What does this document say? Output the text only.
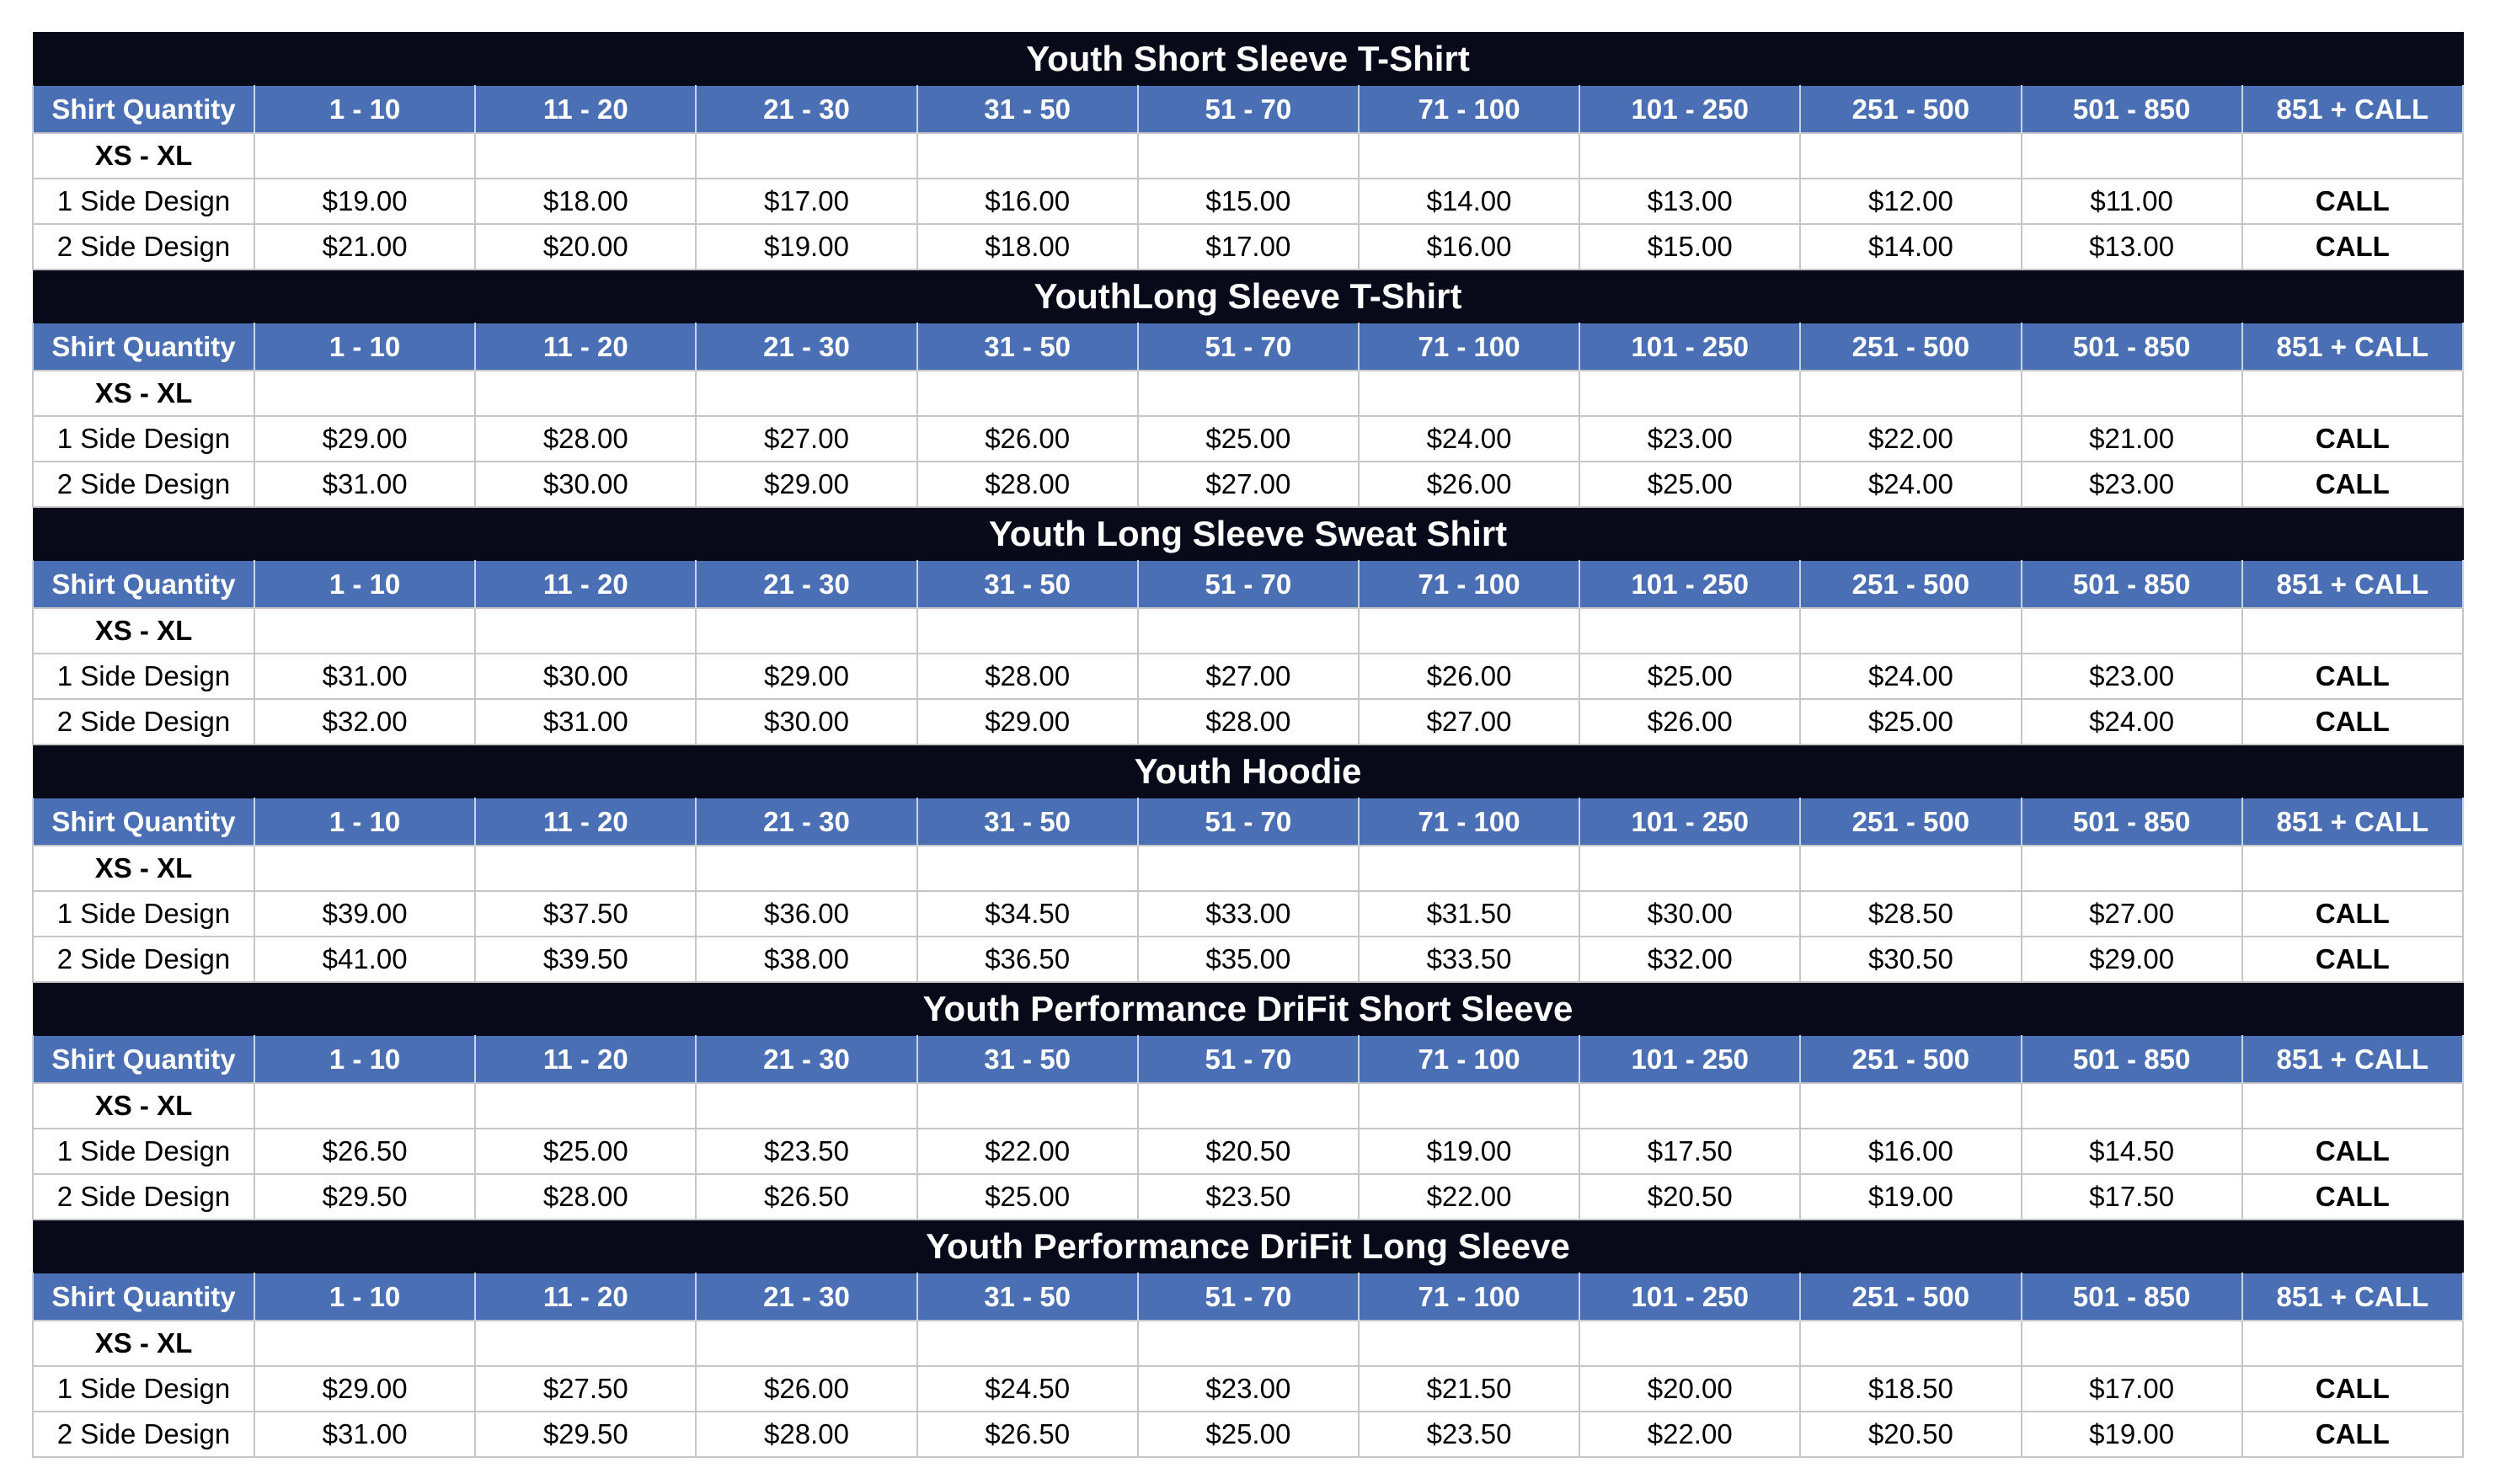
Youth Short Sleeve T-Shirt										
Shirt Quantity	1 - 10	11 - 20	21 - 30	31 - 50	51 - 70	71 - 100	101 - 250	251 - 500	501 - 850	851 + CALL
XS - XL										
1 Side Design	$19.00	$18.00	$17.00	$16.00	$15.00	$14.00	$13.00	$12.00	$11.00	CALL
2 Side Design	$21.00	$20.00	$19.00	$18.00	$17.00	$16.00	$15.00	$14.00	$13.00	CALL
YouthLong Sleeve T-Shirt										
Shirt Quantity	1 - 10	11 - 20	21 - 30	31 - 50	51 - 70	71 - 100	101 - 250	251 - 500	501 - 850	851 + CALL
XS - XL										
1 Side Design	$29.00	$28.00	$27.00	$26.00	$25.00	$24.00	$23.00	$22.00	$21.00	CALL
2 Side Design	$31.00	$30.00	$29.00	$28.00	$27.00	$26.00	$25.00	$24.00	$23.00	CALL
Youth Long Sleeve Sweat Shirt										
Shirt Quantity	1 - 10	11 - 20	21 - 30	31 - 50	51 - 70	71 - 100	101 - 250	251 - 500	501 - 850	851 + CALL
XS - XL										
1 Side Design	$31.00	$30.00	$29.00	$28.00	$27.00	$26.00	$25.00	$24.00	$23.00	CALL
2 Side Design	$32.00	$31.00	$30.00	$29.00	$28.00	$27.00	$26.00	$25.00	$24.00	CALL
Youth Hoodie										
Shirt Quantity	1 - 10	11 - 20	21 - 30	31 - 50	51 - 70	71 - 100	101 - 250	251 - 500	501 - 850	851 + CALL
XS - XL										
1 Side Design	$39.00	$37.50	$36.00	$34.50	$33.00	$31.50	$30.00	$28.50	$27.00	CALL
2 Side Design	$41.00	$39.50	$38.00	$36.50	$35.00	$33.50	$32.00	$30.50	$29.00	CALL
Youth Performance DriFit Short Sleeve										
Shirt Quantity	1 - 10	11 - 20	21 - 30	31 - 50	51 - 70	71 - 100	101 - 250	251 - 500	501 - 850	851 + CALL
XS - XL										
1 Side Design	$26.50	$25.00	$23.50	$22.00	$20.50	$19.00	$17.50	$16.00	$14.50	CALL
2 Side Design	$29.50	$28.00	$26.50	$25.00	$23.50	$22.00	$20.50	$19.00	$17.50	CALL
Youth Performance DriFit Long Sleeve										
Shirt Quantity	1 - 10	11 - 20	21 - 30	31 - 50	51 - 70	71 - 100	101 - 250	251 - 500	501 - 850	851 + CALL
XS - XL										
1 Side Design	$29.00	$27.50	$26.00	$24.50	$23.00	$21.50	$20.00	$18.50	$17.00	CALL
2 Side Design	$31.00	$29.50	$28.00	$26.50	$25.00	$23.50	$22.00	$20.50	$19.00	CALL
